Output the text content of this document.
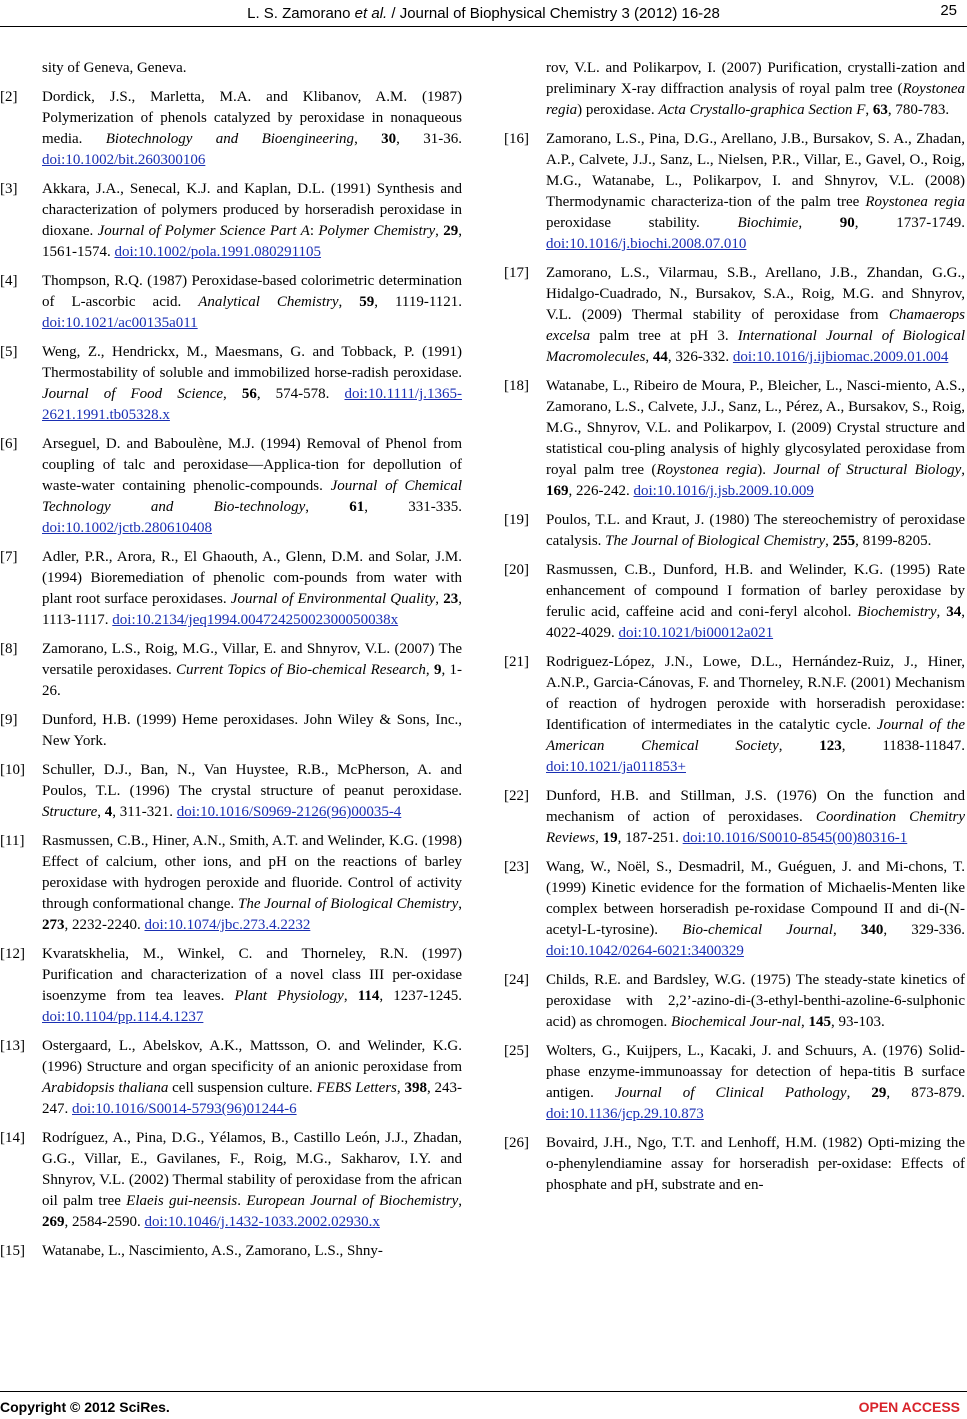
L. S. Zamorano et al. / Journal of Biophysical Chemistry 3 (2012) 16-28	25
sity of Geneva, Geneva.
[2] Dordick, J.S., Marletta, M.A. and Klibanov, A.M. (1987) Polymerization of phenols catalyzed by peroxidase in nonaqueous media. Biotechnology and Bioengineering, 30, 31-36. doi:10.1002/bit.260300106
[3] Akkara, J.A., Senecal, K.J. and Kaplan, D.L. (1991) Synthesis and characterization of polymers produced by horseradish peroxidase in dioxane. Journal of Polymer Science Part A: Polymer Chemistry, 29, 1561-1574. doi:10.1002/pola.1991.080291105
[4] Thompson, R.Q. (1987) Peroxidase-based colorimetric determination of L-ascorbic acid. Analytical Chemistry, 59, 1119-1121. doi:10.1021/ac00135a011
[5] Weng, Z., Hendrickx, M., Maesmans, G. and Tobback, P. (1991) Thermostability of soluble and immobilized horse-radish peroxidase. Journal of Food Science, 56, 574-578. doi:10.1111/j.1365-2621.1991.tb05328.x
[6] Arseguel, D. and Baboulène, M.J. (1994) Removal of Phenol from coupling of talc and peroxidase—Applica-tion for depollution of waste-water containing phenolic-compounds. Journal of Chemical Technology and Bio-technology, 61, 331-335. doi:10.1002/jctb.280610408
[7] Adler, P.R., Arora, R., El Ghaouth, A., Glenn, D.M. and Solar, J.M. (1994) Bioremediation of phenolic com-pounds from water with plant root surface peroxidases. Journal of Environmental Quality, 23, 1113-1117. doi:10.2134/jeq1994.00472425002300050038x
[8] Zamorano, L.S., Roig, M.G., Villar, E. and Shnyrov, V.L. (2007) The versatile peroxidases. Current Topics of Bio-chemical Research, 9, 1-26.
[9] Dunford, H.B. (1999) Heme peroxidases. John Wiley & Sons, Inc., New York.
[10] Schuller, D.J., Ban, N., Van Huystee, R.B., McPherson, A. and Poulos, T.L. (1996) The crystal structure of peanut peroxidase. Structure, 4, 311-321. doi:10.1016/S0969-2126(96)00035-4
[11] Rasmussen, C.B., Hiner, A.N., Smith, A.T. and Welinder, K.G. (1998) Effect of calcium, other ions, and pH on the reactions of barley peroxidase with hydrogen peroxide and fluoride. Control of activity through conformational change. The Journal of Biological Chemistry, 273, 2232-2240. doi:10.1074/jbc.273.4.2232
[12] Kvaratskhelia, M., Winkel, C. and Thorneley, R.N. (1997) Purification and characterization of a novel class III per-oxidase isoenzyme from tea leaves. Plant Physiology, 114, 1237-1245. doi:10.1104/pp.114.4.1237
[13] Ostergaard, L., Abelskov, A.K., Mattsson, O. and Welinder, K.G. (1996) Structure and organ specificity of an anionic peroxidase from Arabidopsis thaliana cell suspension culture. FEBS Letters, 398, 243-247. doi:10.1016/S0014-5793(96)01244-6
[14] Rodríguez, A., Pina, D.G., Yélamos, B., Castillo León, J.J., Zhadan, G.G., Villar, E., Gavilanes, F., Roig, M.G., Sakharov, I.Y. and Shnyrov, V.L. (2002) Thermal stability of peroxidase from the african oil palm tree Elaeis gui-neensis. European Journal of Biochemistry, 269, 2584-2590. doi:10.1046/j.1432-1033.2002.02930.x
[15] Watanabe, L., Nascimiento, A.S., Zamorano, L.S., Shny-
rov, V.L. and Polikarpov, I. (2007) Purification, crystalli-zation and preliminary X-ray diffraction analysis of royal palm tree (Roystonea regia) peroxidase. Acta Crystallo-graphica Section F, 63, 780-783.
[16] Zamorano, L.S., Pina, D.G., Arellano, J.B., Bursakov, S. A., Zhadan, A.P., Calvete, J.J., Sanz, L., Nielsen, P.R., Villar, E., Gavel, O., Roig, M.G., Watanabe, L., Polikarpov, I. and Shnyrov, V.L. (2008) Thermodynamic characteriza-tion of the palm tree Roystonea regia peroxidase stability. Biochimie, 90, 1737-1749. doi:10.1016/j.biochi.2008.07.010
[17] Zamorano, L.S., Vilarmau, S.B., Arellano, J.B., Zhandan, G.G., Hidalgo-Cuadrado, N., Bursakov, S.A., Roig, M.G. and Shnyrov, V.L. (2009) Thermal stability of peroxidase from Chamaerops excelsa palm tree at pH 3. International Journal of Biological Macromolecules, 44, 326-332. doi:10.1016/j.ijbiomac.2009.01.004
[18] Watanabe, L., Ribeiro de Moura, P., Bleicher, L., Nasci-miento, A.S., Zamorano, L.S., Calvete, J.J., Sanz, L., Pérez, A., Bursakov, S., Roig, M.G., Shnyrov, V.L. and Polikarpov, I. (2009) Crystal structure and statistical cou-pling analysis of highly glycosylated peroxidase from royal palm tree (Roystonea regia). Journal of Structural Biology, 169, 226-242. doi:10.1016/j.jsb.2009.10.009
[19] Poulos, T.L. and Kraut, J. (1980) The stereochemistry of peroxidase catalysis. The Journal of Biological Chemistry, 255, 8199-8205.
[20] Rasmussen, C.B., Dunford, H.B. and Welinder, K.G. (1995) Rate enhancement of compound I formation of barley peroxidase by ferulic acid, caffeine acid and coni-feryl alcohol. Biochemistry, 34, 4022-4029. doi:10.1021/bi00012a021
[21] Rodriguez-López, J.N., Lowe, D.L., Hernández-Ruiz, J., Hiner, A.N.P., Garcia-Cánovas, F. and Thorneley, R.N.F. (2001) Mechanism of reaction of hydrogen peroxide with horseradish peroxidase: Identification of intermediates in the catalytic cycle. Journal of the American Chemical Society, 123, 11838-11847. doi:10.1021/ja011853+
[22] Dunford, H.B. and Stillman, J.S. (1976) On the function and mechanism of action of peroxidases. Coordination Chemitry Reviews, 19, 187-251. doi:10.1016/S0010-8545(00)80316-1
[23] Wang, W., Noël, S., Desmadril, M., Guéguen, J. and Mi-chons, T. (1999) Kinetic evidence for the formation of Michaelis-Menten like complex between horseradish pe-roxidase Compound II and di-(N-acetyl-L-tyrosine). Bio-chemical Journal, 340, 329-336. doi:10.1042/0264-6021:3400329
[24] Childs, R.E. and Bardsley, W.G. (1975) The steady-state kinetics of peroxidase with 2,2’-azino-di-(3-ethyl-benthi-azoline-6-sulphonic acid) as chromogen. Biochemical Jour-nal, 145, 93-103.
[25] Wolters, G., Kuijpers, L., Kacaki, J. and Schuurs, A. (1976) Solid-phase enzyme-immunoassay for detection of hepa-titis B surface antigen. Journal of Clinical Pathology, 29, 873-879. doi:10.1136/jcp.29.10.873
[26] Bovaird, J.H., Ngo, T.T. and Lenhoff, H.M. (1982) Opti-mizing the o-phenylendiamine assay for horseradish per-oxidase: Effects of phosphate and pH, substrate and en-
Copyright © 2012 SciRes.	OPEN ACCESS
